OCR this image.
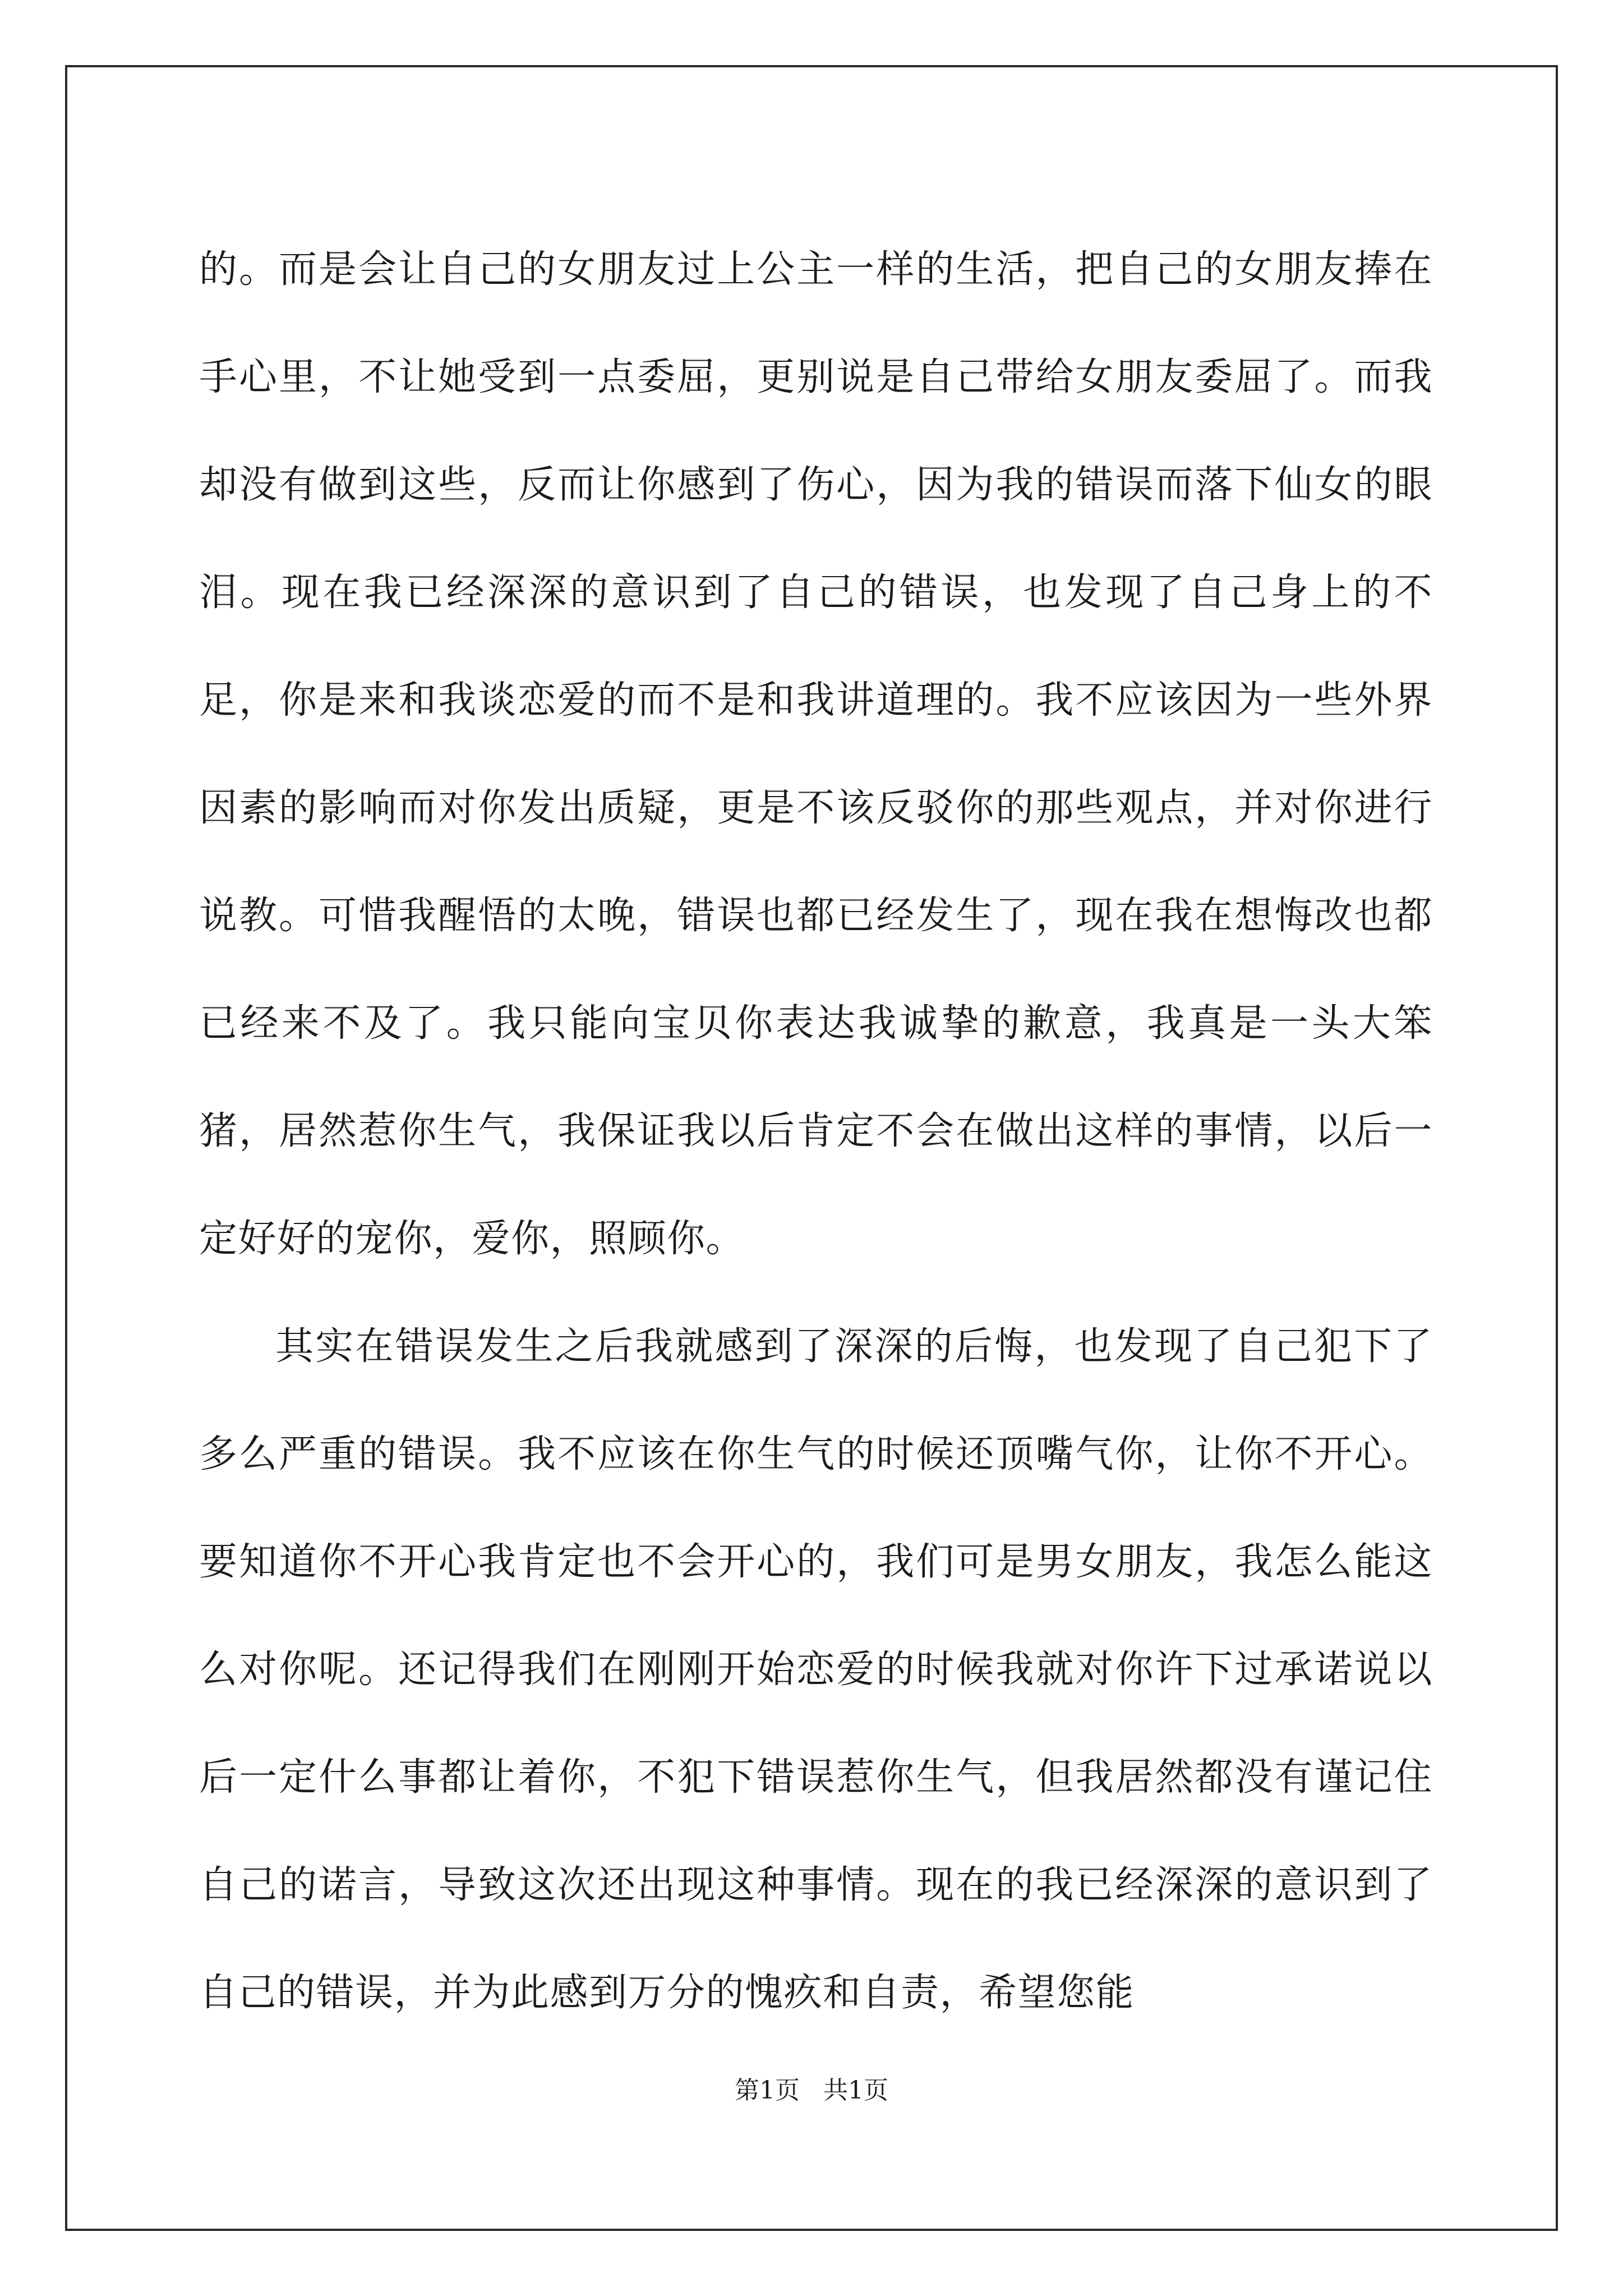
的。而是会让自己的女朋友过上公主一样的生活，把自己的女朋友捧在手心里，不让她受到一点委屈，更别说是自己带给女朋友委屈了。而我却没有做到这些，反而让你感到了伤心，因为我的错误而落下仙女的眼泪。现在我已经深深的意识到了自己的错误，也发现了自己身上的不足，你是来和我谈恋爱的而不是和我讲道理的。我不应该因为一些外界因素的影响而对你发出质疑，更是不该反驳你的那些观点，并对你进行说教。可惜我醒悟的太晚，错误也都已经发生了，现在我在想悔改也都已经来不及了。我只能向宝贝你表达我诚挚的歉意，我真是一头大笨猪，居然惹你生气，我保证我以后肯定不会在做出这样的事情，以后一定好好的宠你，爱你，照顾你。

其实在错误发生之后我就感到了深深的后悔，也发现了自己犯下了多么严重的错误。我不应该在你生气的时候还顶嘴气你，让你不开心。要知道你不开心我肯定也不会开心的，我们可是男女朋友，我怎么能这么对你呢。还记得我们在刚刚开始恋爱的时候我就对你许下过承诺说以后一定什么事都让着你，不犯下错误惹你生气，但我居然都没有谨记住自己的诺言，导致这次还出现这种事情。现在的我已经深深的意识到了自己的错误，并为此感到万分的愧疚和自责，希望您能

第1页   共1页
